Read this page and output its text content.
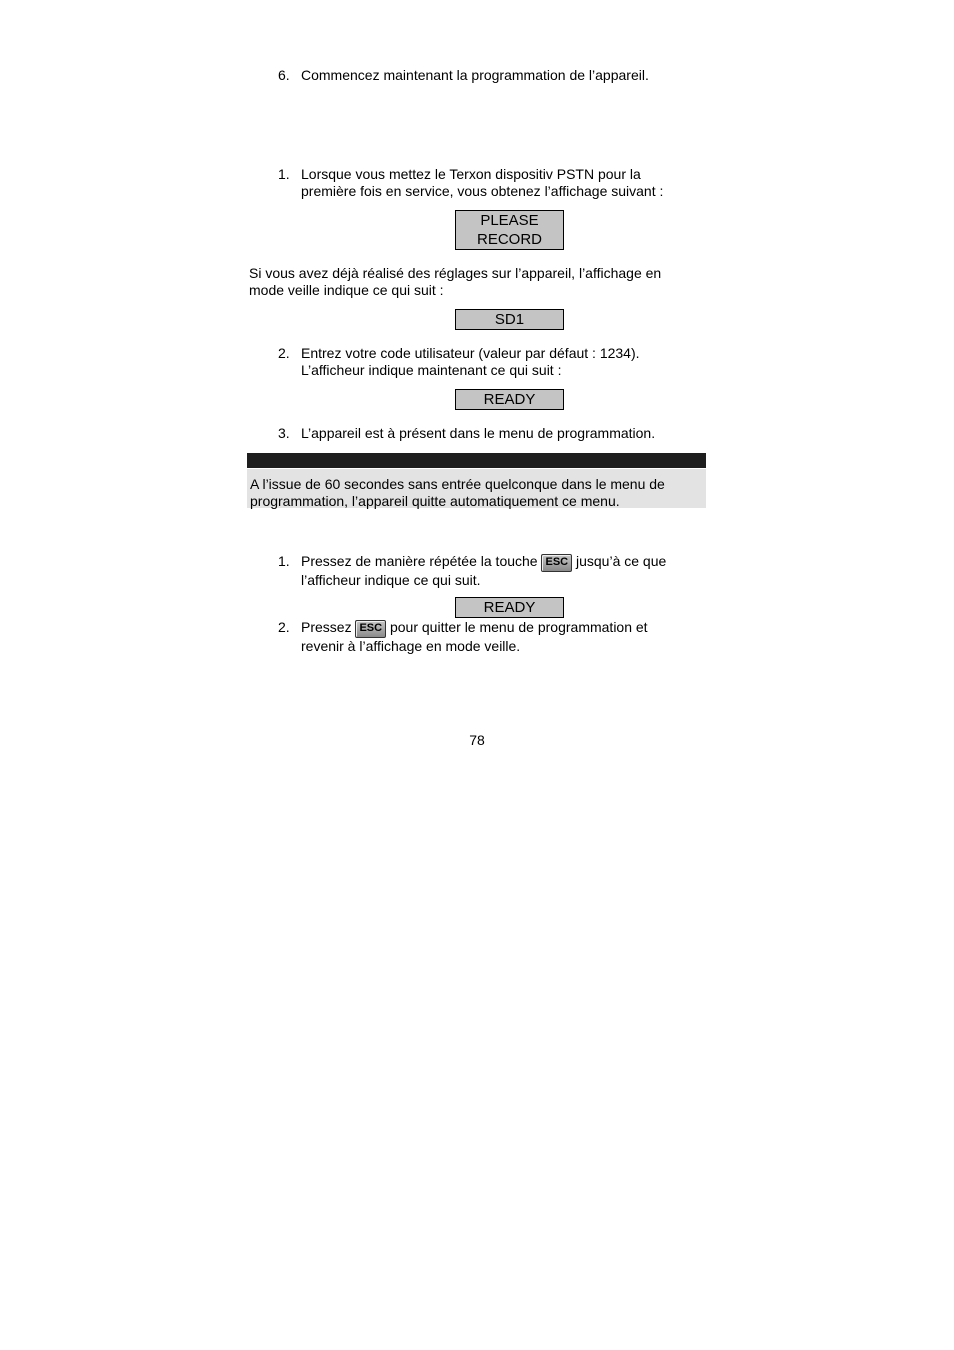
6. Commencez maintenant la programmation de l’appareil.
1. Lorsque vous mettez le Terxon dispositiv PSTN pour la première fois en service, vous obtenez l’affichage suivant :
PLEASE
RECORD
Si vous avez déjà réalisé des réglages sur l’appareil, l’affichage en mode veille indique ce qui suit :
SD1
2. Entrez votre code utilisateur (valeur par défaut : 1234). L’afficheur indique maintenant ce qui suit :
READY
3. L’appareil est à présent dans le menu de programmation.
A l’issue de 60 secondes sans entrée quelconque dans le menu de programmation, l’appareil quitte automatiquement ce menu.
1. Pressez de manière répétée la touche ESC jusqu’à ce que l’afficheur indique ce qui suit.
READY
2. Pressez ESC pour quitter le menu de programmation et revenir à l’affichage en mode veille.
78
